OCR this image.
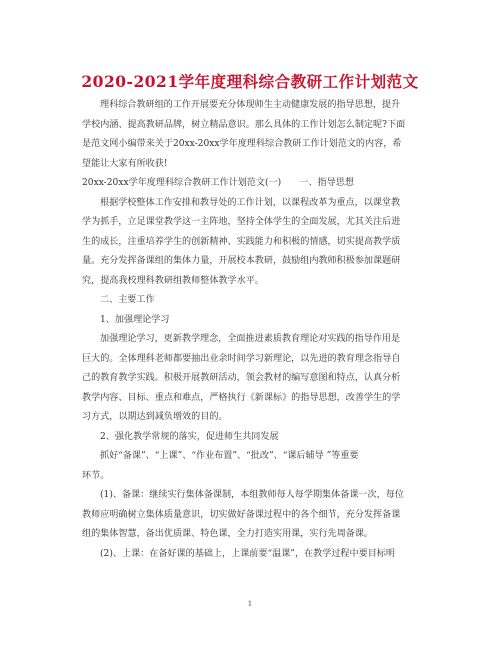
2020-2021学年度理科综合教研工作计划范文
理科综合教研组的工作开展要充分体现师生主动健康发展的指导思想，提升
学校内涵、提高教研品牌，树立精品意识。那么具体的工作计划怎么制定呢?下面
是范文网小编带来关于20xx-20xx学年度理科综合教研工作计划范文的内容，希
望能让大家有所收获!
20xx-20xx学年度理科综合教研工作计划范文(一)　　一、指导思想
根据学校整体工作安排和教导处的工作计划，以课程改革为重点，以课堂教
学为抓手，立足课堂教学这一主阵地，坚持全体学生的全面发展，尤其关注后进
生的成长，注重培养学生的创新精神、实践能力和积极的情感，切实提高教学质
量。充分发挥备课组的集体力量，开展校本教研，鼓励组内教师积极参加课题研
究，提高我校理科教研组教师整体教学水平。
二、主要工作
1、加强理论学习
加强理论学习，更新教学理念，全面推进素质教育理论对实践的指导作用是
巨大的。全体理科老师都要抽出业余时间学习新理论，以先进的教育理念指导自
己的教育教学实践。积极开展教研活动，领会教材的编写意图和特点，认真分析
教学内容、目标、重点和难点，严格执行《新课标》的指导思想，改善学生的学
习方式，以期达到减负增效的目的。
2、强化教学常规的落实，促进师生共同发展
抓好“备课”、“上课”、“作业布置”、“批改”、“课后辅导 ”等重要
环节。
(1)、备课：继续实行集体备课制，本组教师每人每学期集体备课一次，每位
教师应明确树立集体质量意识，切实做好备课过程中的各个细节，充分发挥备课
组的集体智慧，备出优质课、特色课，全力打造实用课，实行先周备课。
(2)、上课：在备好课的基础上，上课前要“温课”，在教学过程中要目标明
1
